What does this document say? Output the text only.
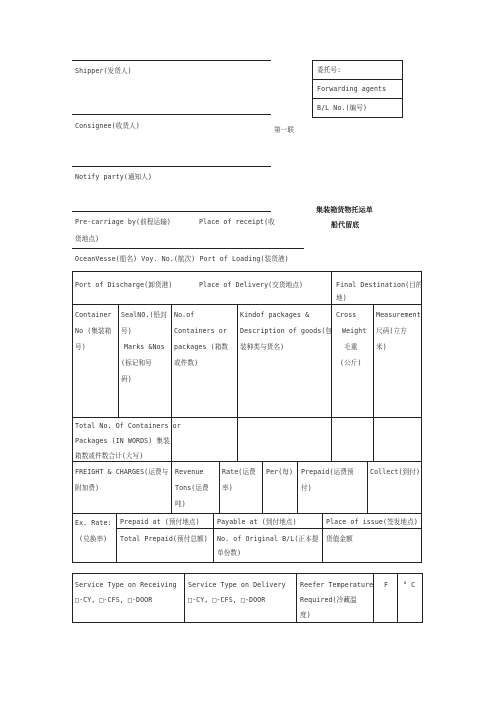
Shipper(发货人)
Consignee(收货人)
Notify party(通知人)
委托号:
Forwarding agents
B/L No.(编号)
第一联
集装箱货物托运单
船代留底
Pre-carriage by(前程运输)
货地点)
Place of receipt(收
OceanVesse(船名) Voy. No.(航次) Port of Loading(装货港)
Port of Discharge(卸货港)	Place of Delivery(交货地点)	Final Destination(目的
地)
Container
No (集装箱
号)
SealNO.(铅封
号)
Marks &Nos
(标记和号
码)
No.of
Containers or
packages (箱数
或件数)
Kindof packages &
Description of goods(包
装种类与货名)
Cross
Weight
毛重
(公斤)
Measurement
尺码(立方
米)
Total No. Of Containers or
Packages (IN WORDS) 集装
箱数或件数合计(大写)
FREIGHT & CHARGES(运费与
附加费)
Revenue
Tons(运费
吨)
Rate(运费
率)
Per(每) Prepaid(运费预
付)
Collect(到付)
Ex. Rate:
(兑换率)
Prepaid at (预付地点)
Total Prepaid(预付总额)
Payable at (到付地点)
No. of Original B/L(正本提
单份数)
Place of issue(签发地点)
货值金额
Service Type on Receiving
□-CY, □-CFS, □-DOOR
Service Type on Delivery
□-CY, □-CFS, □-DOOR
Reefer Temperature
Required(冷藏温
度)
F ° C
